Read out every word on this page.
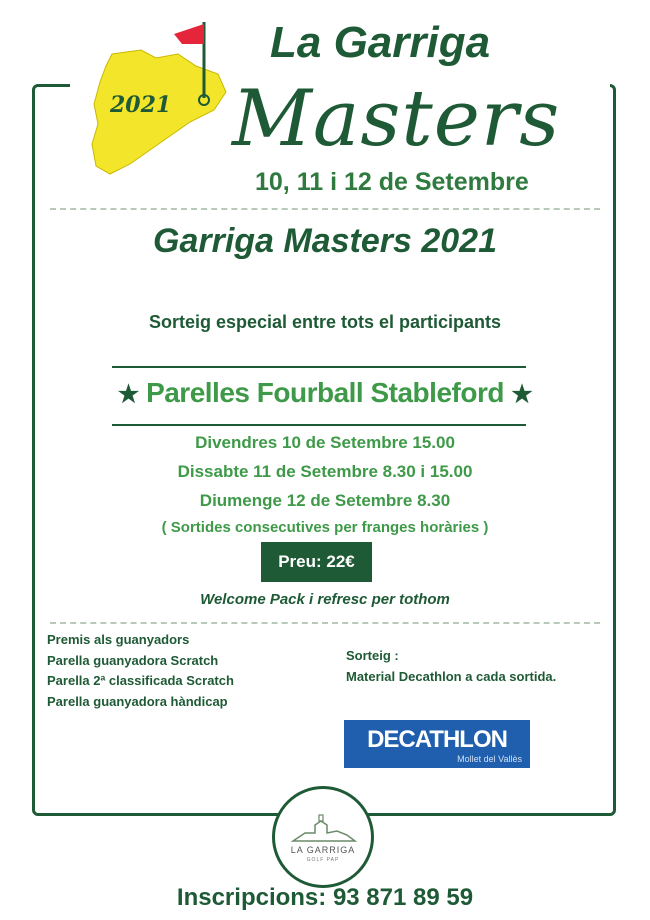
2021
La Garriga
Masters
10, 11 i 12 de Setembre
Garriga Masters 2021
Sorteig especial entre tots el participants
★ Parelles Fourball Stableford ★
Divendres 10 de Setembre 15.00
Dissabte 11 de Setembre 8.30 i 15.00
Diumenge 12 de Setembre 8.30
( Sortides consecutives per franges horàries )
Preu: 22€
Welcome Pack i refresc per tothom
Premis als guanyadors
Parella guanyadora Scratch
Parella 2ª classificada Scratch
Parella guanyadora hàndicap
Sorteig :
Material Decathlon a cada sortida.
DECATHLON
Mollet del Vallès
LA GARRIGA
GOLF PAP
Inscripcions: 93 871 89 59
